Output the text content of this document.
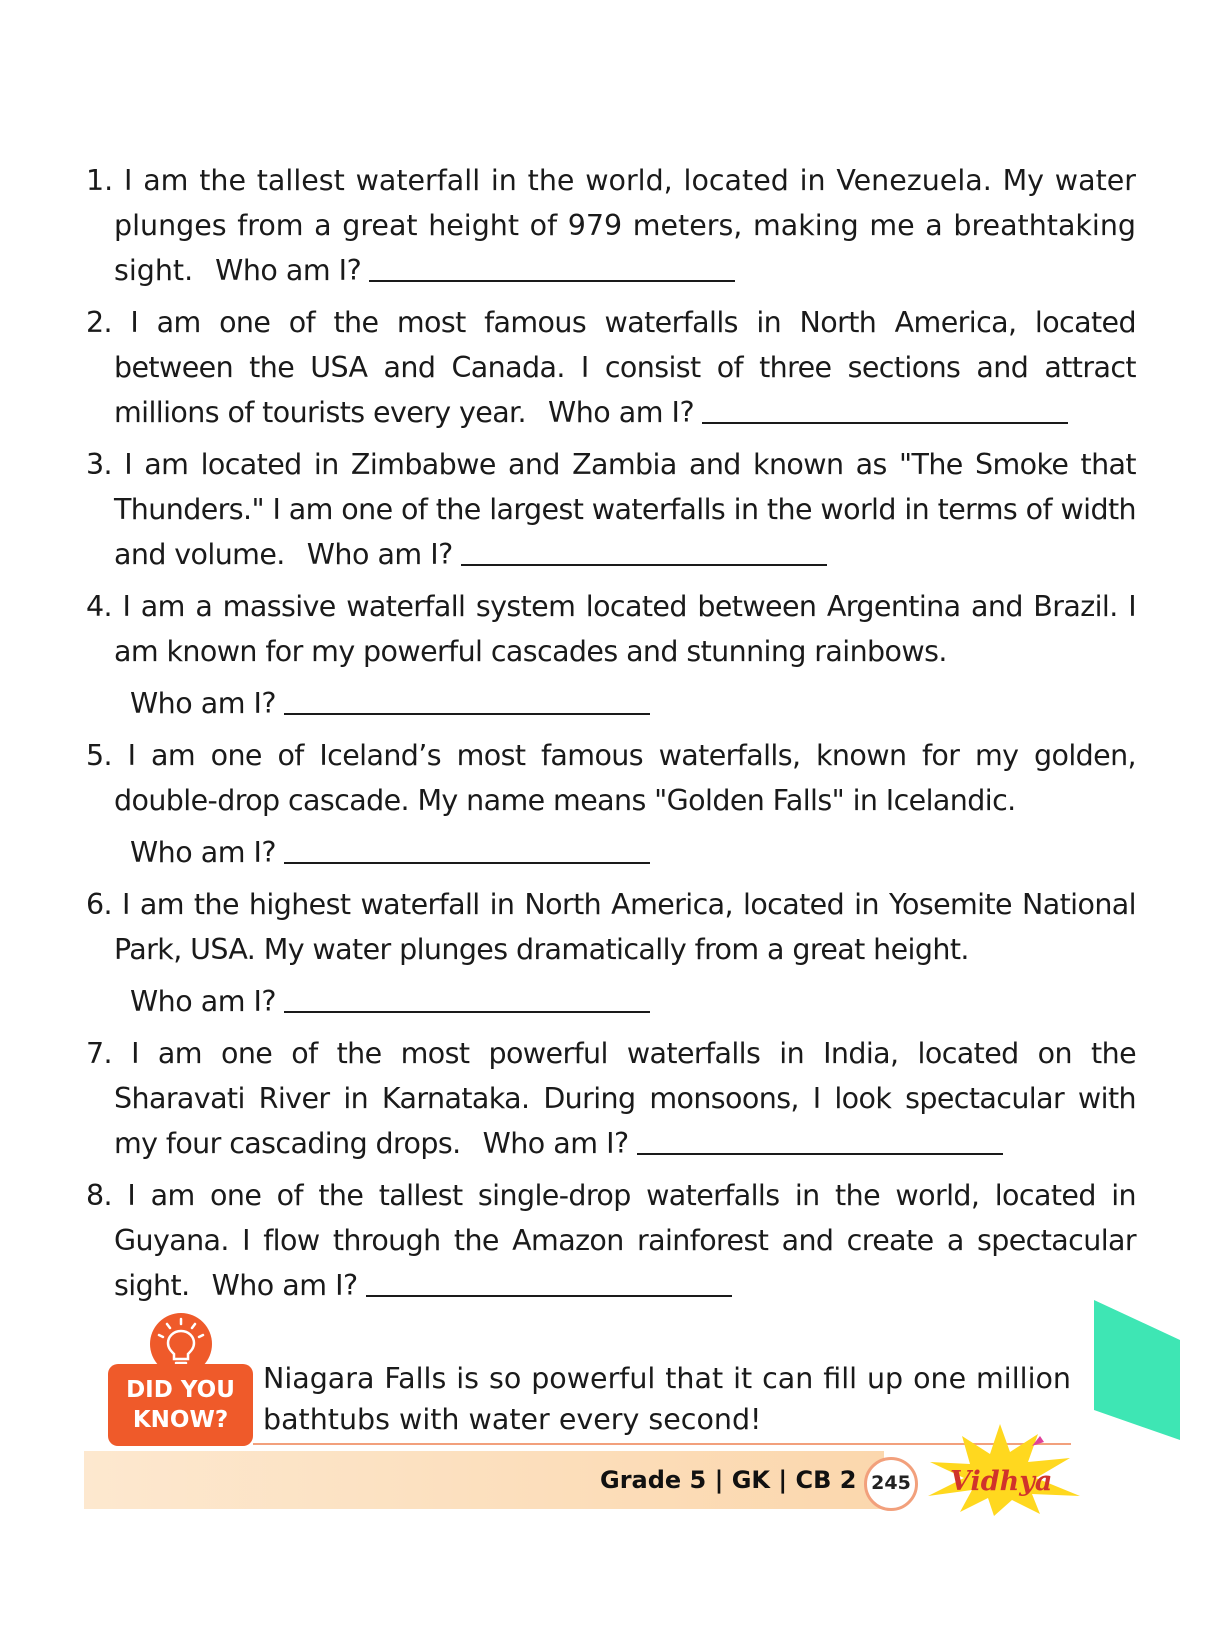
1. I am the tallest waterfall in the world, located in Venezuela. My water plunges from a great height of 979 meters, making me a breathtaking sight. Who am I?
2. I am one of the most famous waterfalls in North America, located between the USA and Canada. I consist of three sections and attract millions of tourists every year. Who am I?
3. I am located in Zimbabwe and Zambia and known as "The Smoke that Thunders." I am one of the largest waterfalls in the world in terms of width and volume. Who am I?
4. I am a massive waterfall system located between Argentina and Brazil. I am known for my powerful cascades and stunning rainbows.
Who am I?
5. I am one of Iceland’s most famous waterfalls, known for my golden, double-drop cascade. My name means "Golden Falls" in Icelandic.
Who am I?
6. I am the highest waterfall in North America, located in Yosemite National Park, USA. My water plunges dramatically from a great height.
Who am I?
7. I am one of the most powerful waterfalls in India, located on the Sharavati River in Karnataka. During monsoons, I look spectacular with my four cascading drops. Who am I?
8. I am one of the tallest single-drop waterfalls in the world, located in Guyana. I flow through the Amazon rainforest and create a spectacular sight. Who am I?
DID YOU
KNOW?
Niagara Falls is so powerful that it can fill up one million bathtubs with water every second!
Grade 5 | GK | CB 2 245 Vidhya
